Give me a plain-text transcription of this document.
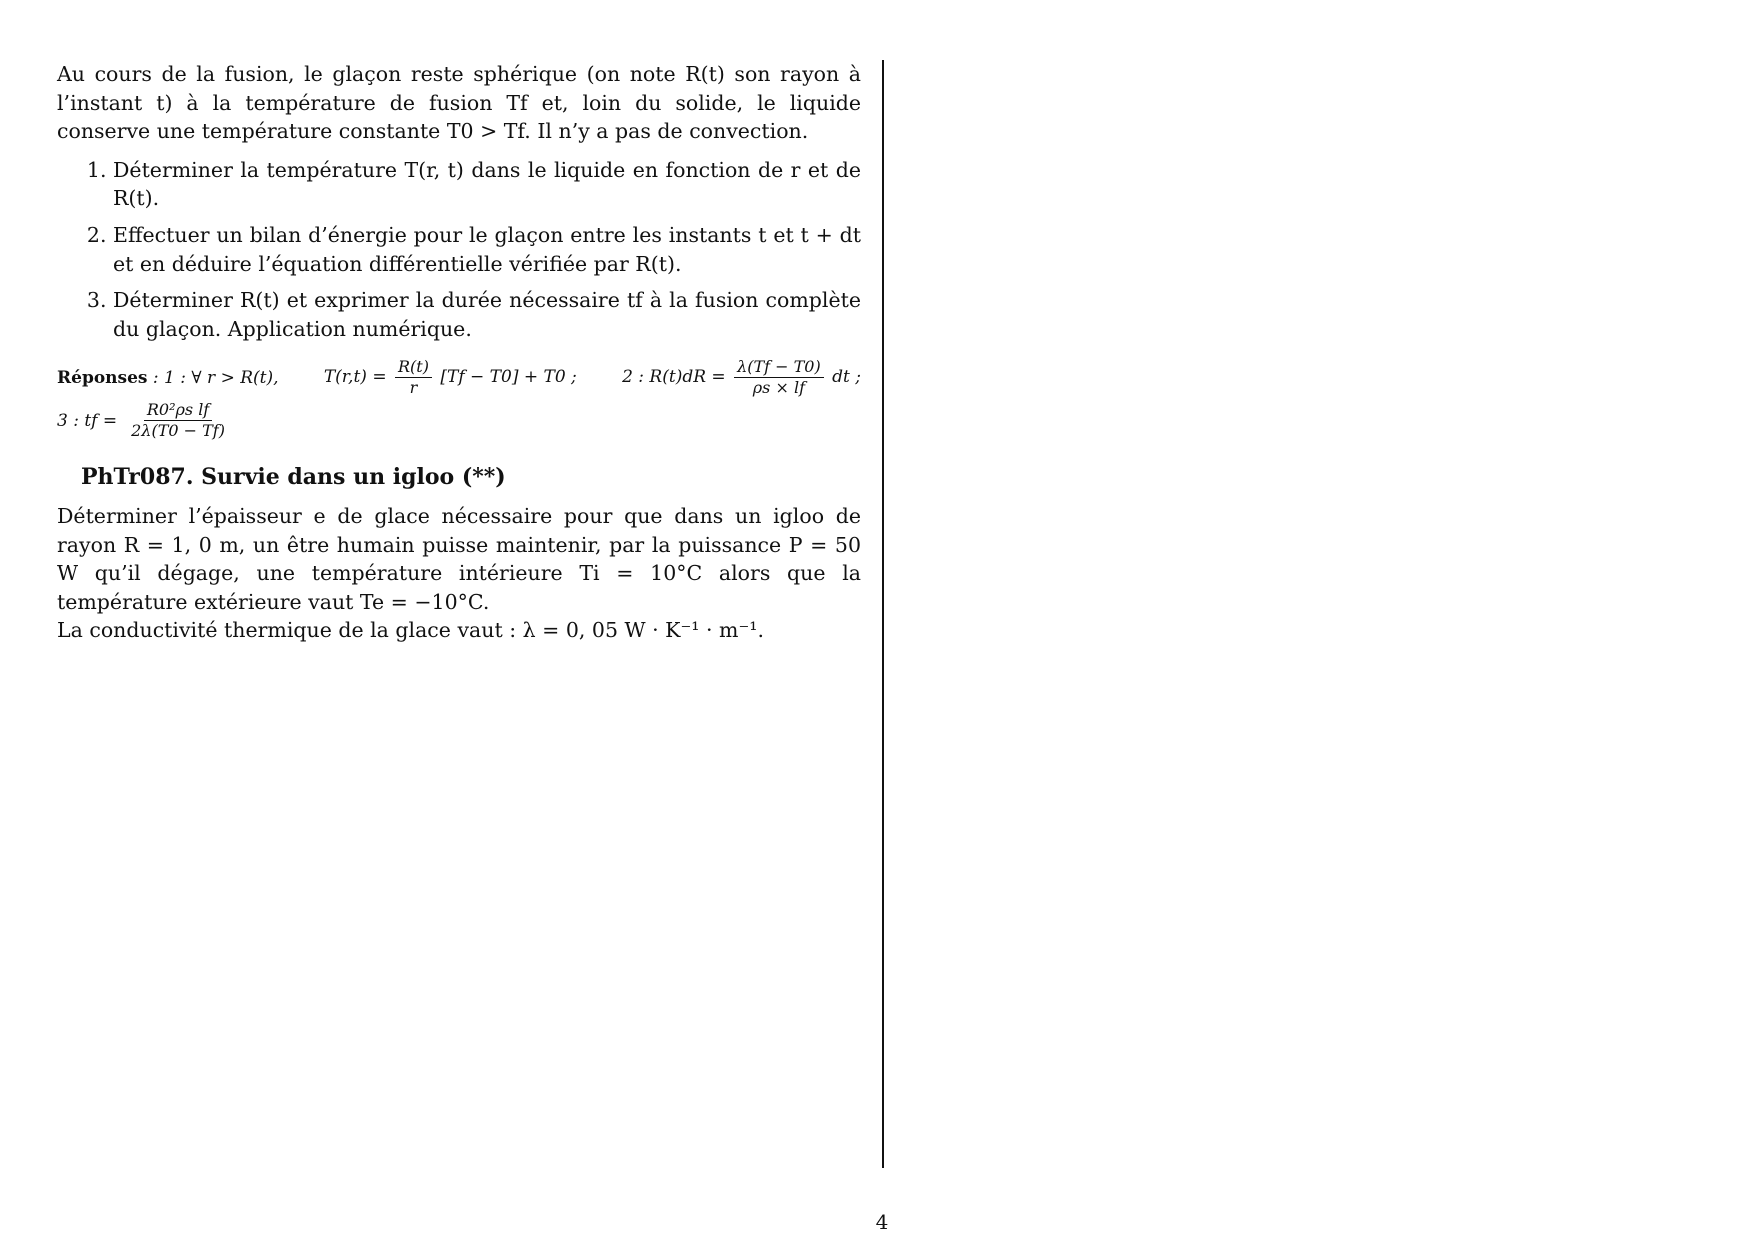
Au cours de la fusion, le glaçon reste sphérique (on note R(t) son rayon à l’instant t) à la température de fusion Tf et, loin du solide, le liquide conserve une température constante T0 > Tf. Il n’y a pas de convection.

1. Déterminer la température T(r, t) dans le liquide en fonction de r et de R(t).
2. Effectuer un bilan d’énergie pour le glaçon entre les instants t et t + dt et en déduire l’équation différentielle vérifiée par R(t).
3. Déterminer R(t) et exprimer la durée nécessaire tf à la fusion complète du glaçon. Application numérique.
Réponses : 1 : ∀ r > R(t),	$T(r,t) = \frac{R(t)}{r} [Tf - T0] + T0$ ;	2 : $R(t)dR = \frac{\lambda(Tf - T0)}{\rho s \times lf}$ dt ;
3 : tf = $\frac{\text{R0²ρs lf}}{2\lambda(T0 - Tf)}$
PhTr087. Survie dans un igloo (**)

Déterminer l’épaisseur e de glace nécessaire pour que dans un igloo de rayon R = 1, 0 m, un être humain puisse maintenir, par la puissance P = 50 W qu’il dégage, une température intérieure Ti = 10°C alors que la température extérieure vaut Te = −10°C.

La conductivité thermique de la glace vaut : λ = 0, 05 W · K⁻¹ · m⁻¹.

4
